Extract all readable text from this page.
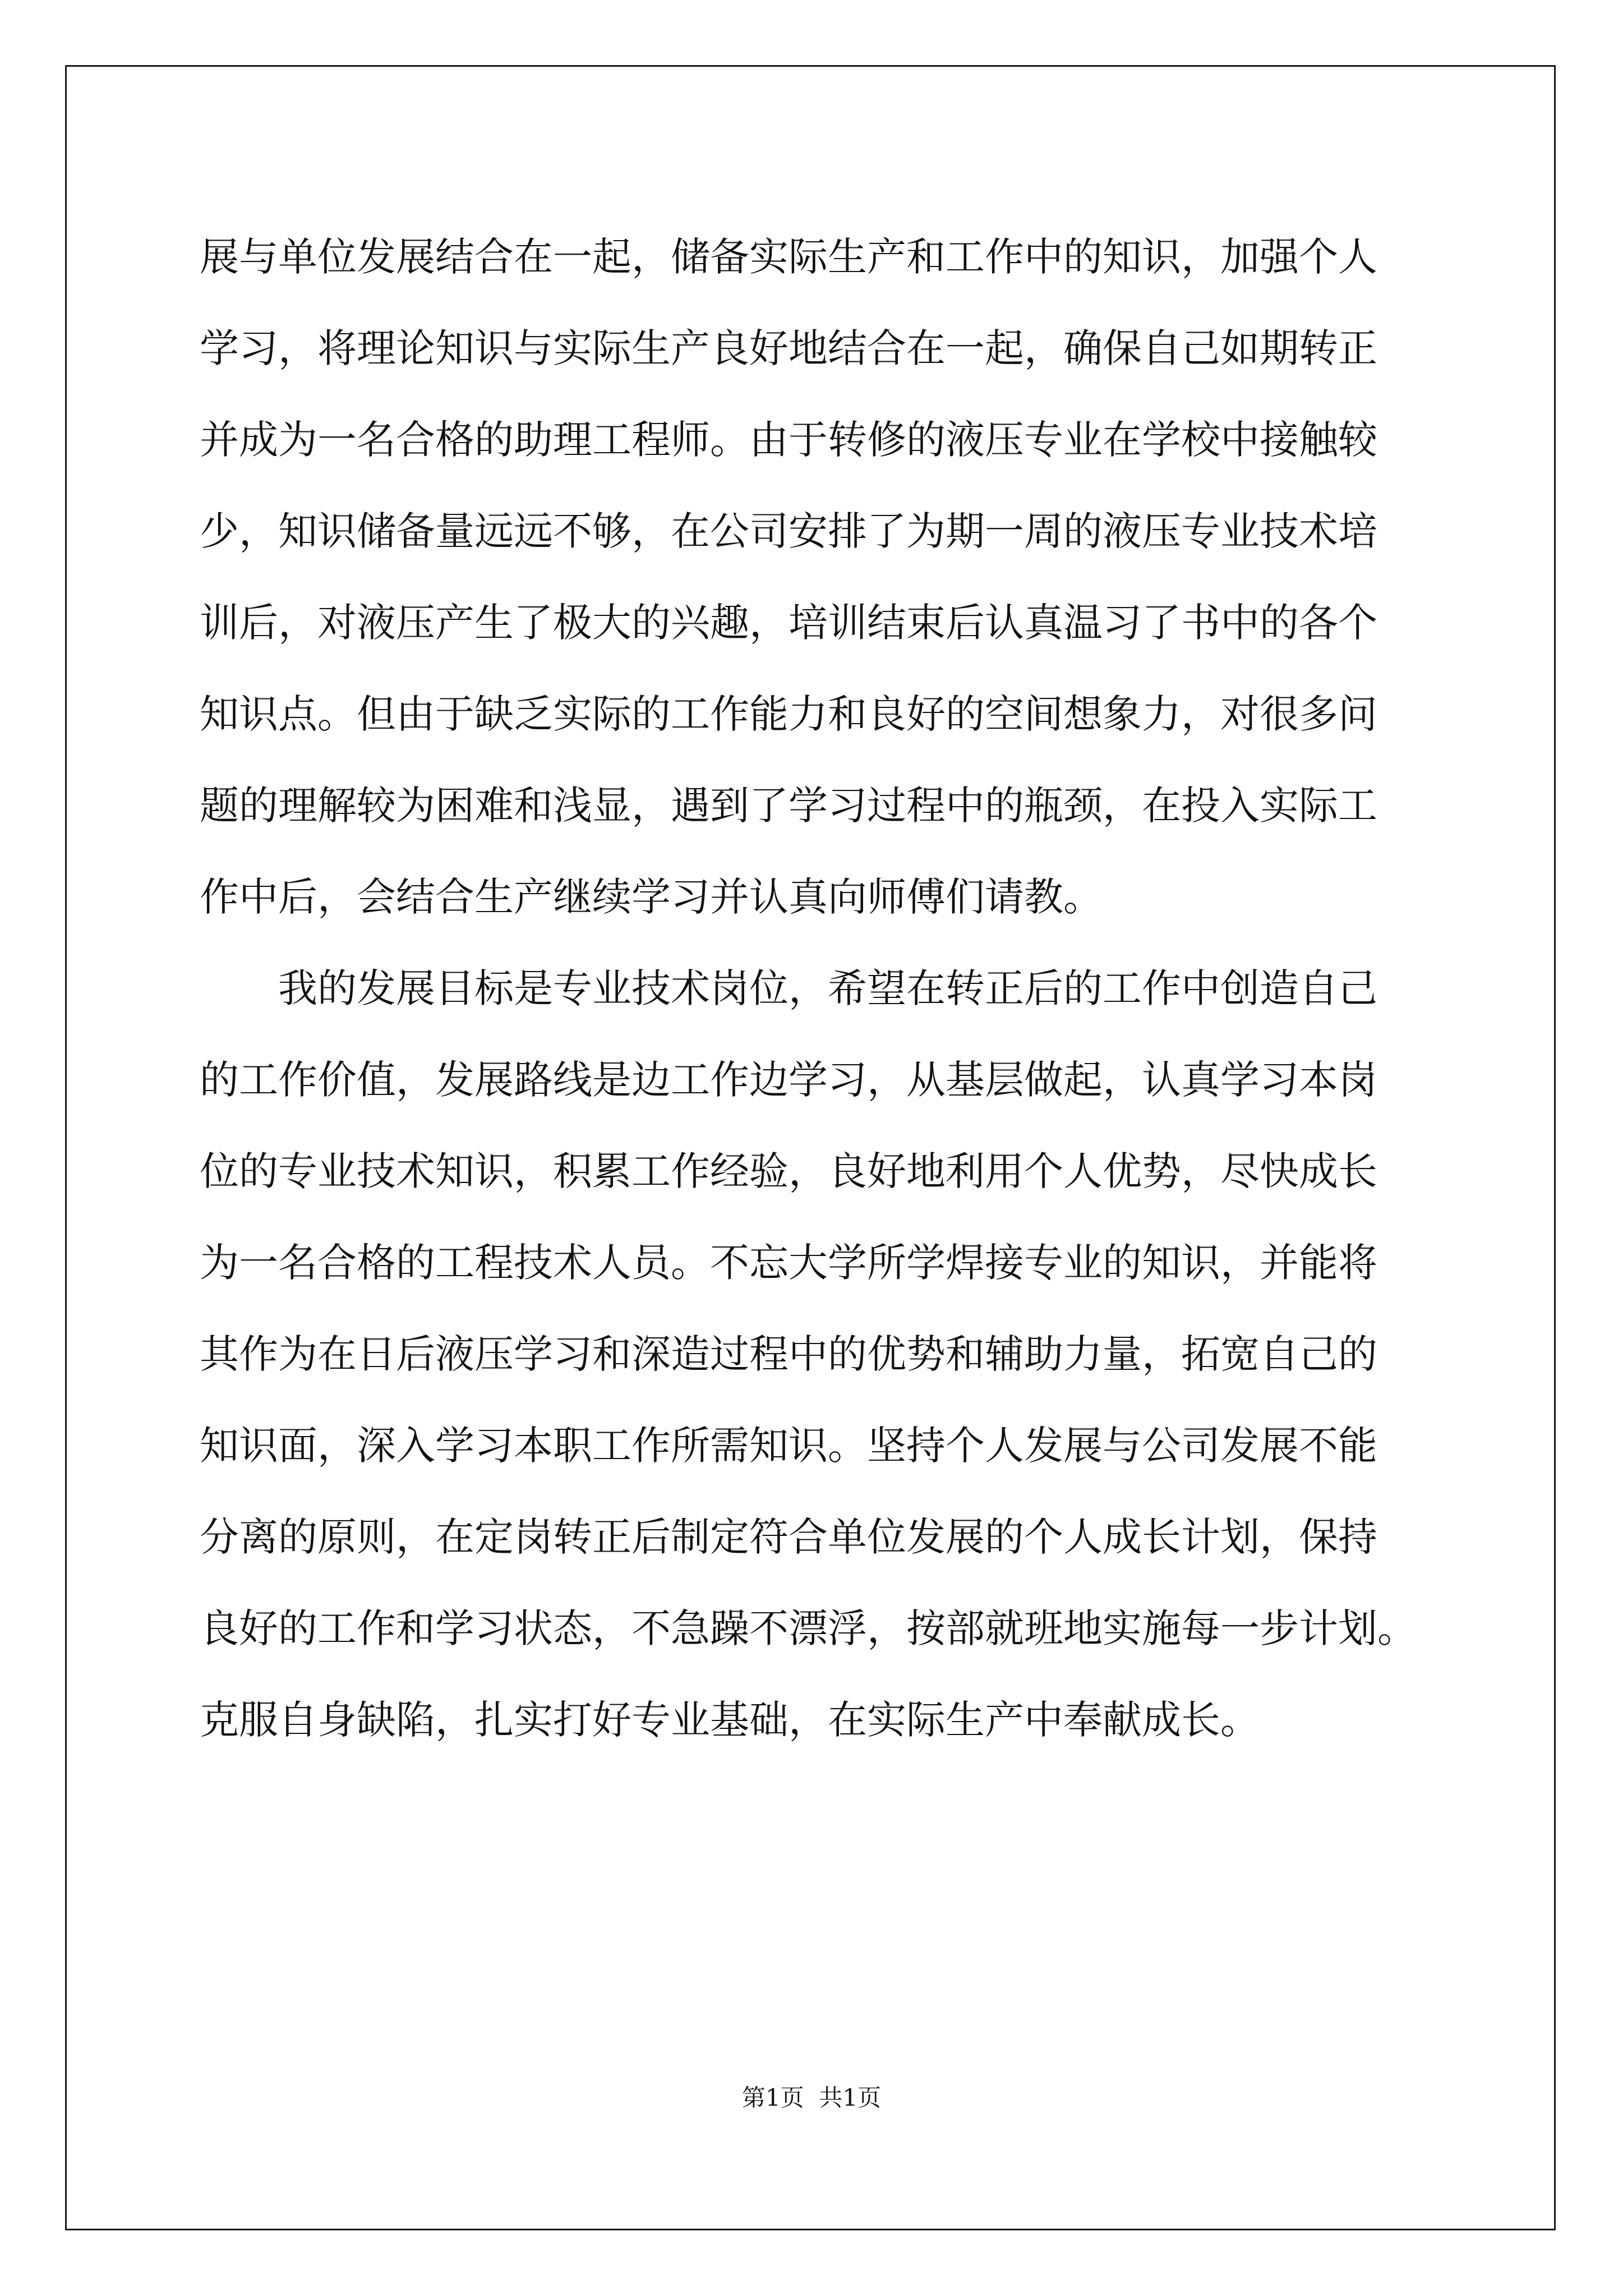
展与单位发展结合在一起，储备实际生产和工作中的知识，加强个人
学习，将理论知识与实际生产良好地结合在一起，确保自己如期转正
并成为一名合格的助理工程师。由于转修的液压专业在学校中接触较
少，知识储备量远远不够，在公司安排了为期一周的液压专业技术培
训后，对液压产生了极大的兴趣，培训结束后认真温习了书中的各个
知识点。但由于缺乏实际的工作能力和良好的空间想象力，对很多问
题的理解较为困难和浅显，遇到了学习过程中的瓶颈，在投入实际工
作中后，会结合生产继续学习并认真向师傅们请教。
我的发展目标是专业技术岗位，希望在转正后的工作中创造自己
的工作价值，发展路线是边工作边学习，从基层做起，认真学习本岗
位的专业技术知识，积累工作经验，良好地利用个人优势，尽快成长
为一名合格的工程技术人员。不忘大学所学焊接专业的知识，并能将
其作为在日后液压学习和深造过程中的优势和辅助力量，拓宽自己的
知识面，深入学习本职工作所需知识。坚持个人发展与公司发展不能
分离的原则，在定岗转正后制定符合单位发展的个人成长计划，保持
良好的工作和学习状态，不急躁不漂浮，按部就班地实施每一步计划。
克服自身缺陷，扎实打好专业基础，在实际生产中奉献成长。
第1页  共1页
